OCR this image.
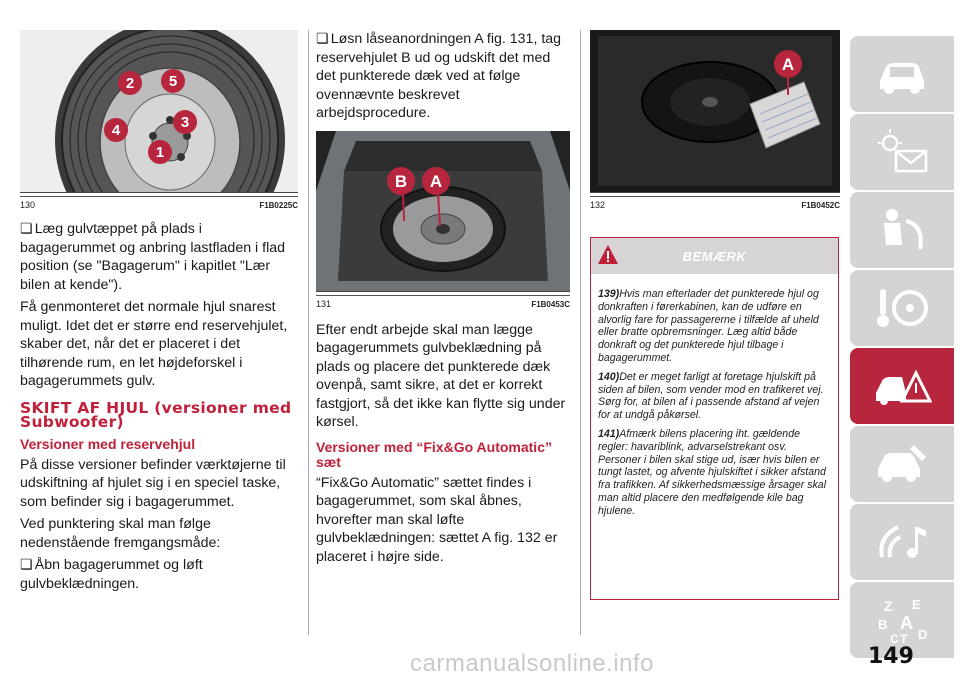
2 5
4	3
1
130	F1B0225C

❏ Læg gulvtæppet på plads i bagagerummet og anbring lastfladen i flad position (se "Bagagerum" i kapitlet "Lær bilen at kende").

Få genmonteret det normale hjul snarest muligt. Idet det er større end reservehjulet, skaber det, når det er placeret i det tilhørende rum, en let højdeforskel i bagagerummets gulv.

SKIFT AF HJUL (versioner med Subwoofer)
Versioner med reservehjul

På disse versioner befinder værktøjerne til udskiftning af hjulet sig i en speciel taske, som befinder sig i bagagerummet.

Ved punktering skal man følge nedenstående fremgangsmåde:

❏ Åbn bagagerummet og løft gulvbeklædningen.

❏ Løsn låseanordningen A fig. 131, tag reservehjulet B ud og udskift det med det punkterede dæk ved at følge ovennævnte beskrevet arbejdsprocedure.

B A
131	F1B0453C

Efter endt arbejde skal man lægge bagagerummets gulvbeklædning på plads og placere det punkterede dæk ovenpå, samt sikre, at det er korrekt fastgjort, så det ikke kan flytte sig under kørsel.

Versioner med “Fix&Go Automatic” sæt

“Fix&Go Automatic” sættet findes i bagagerummet, som skal åbnes, hvorefter man skal løfte gulvbeklædningen: sættet A fig. 132 er placeret i højre side.

A
132	F1B0452C
BEMÆRK

139)Hvis man efterlader det punkterede hjul og donkraften i førerkabinen, kan de udføre en alvorlig fare for passagererne i tilfælde af uheld eller bratte opbremsninger. Læg altid både donkraft og det punkterede hjul tilbage i bagagerummet.

140)Det er meget farligt at foretage hjulskift på siden af bilen, som vender mod en trafikeret vej. Sørg for, at bilen af i passende afstand af vejen for at undgå påkørsel.

141)Afmærk bilens placering iht. gældende regler: havariblink, advarselstrekant osv. Personer i bilen skal stige ud, især hvis bilen er tungt lastet, og afvente hjulskiftet i sikker afstand fra trafikken. Af sikkerhedsmæssige årsager skal man altid placere den medfølgende kile bag hjulene.

Z E
B A
C T D
149
carmanualsonline.info
